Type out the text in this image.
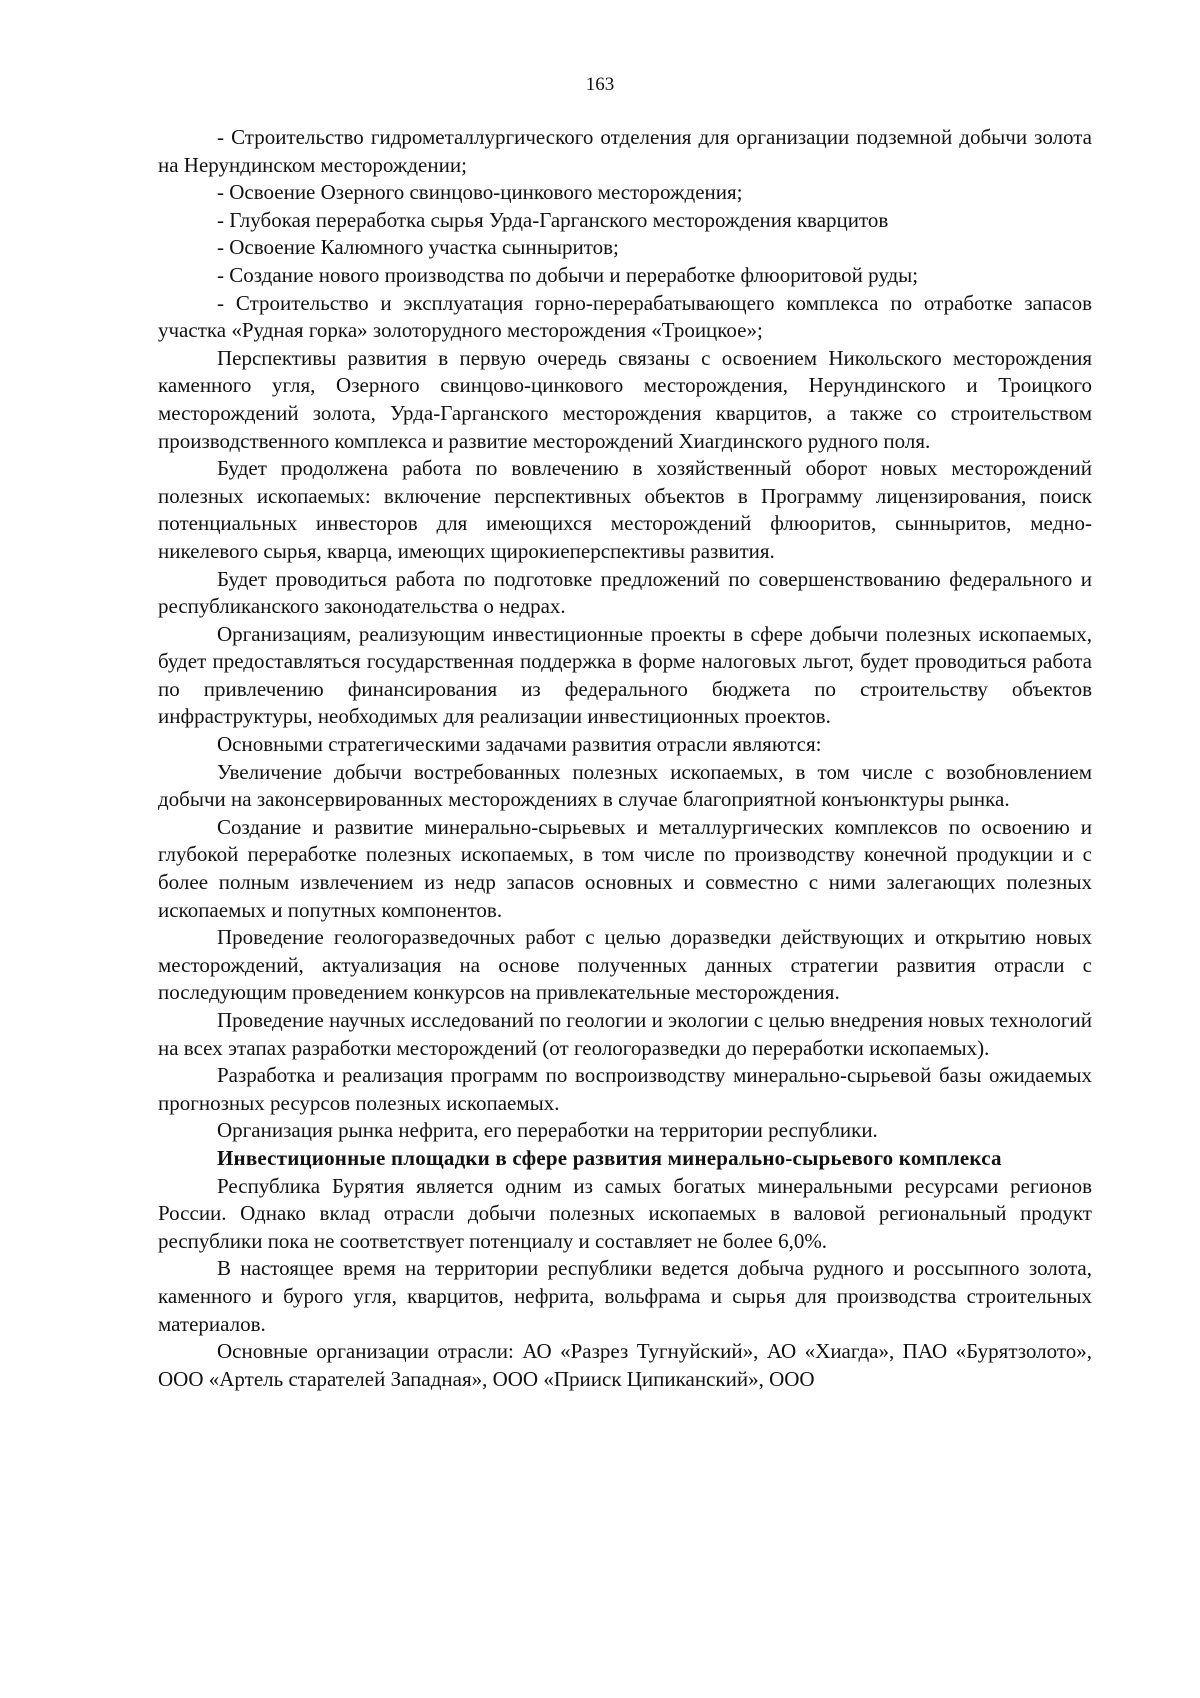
163

- Строительство гидрометаллургического отделения для организации подземной добычи золота на Нерундинском месторождении;

- Освоение Озерного свинцово-цинкового месторождения;

- Глубокая переработка сырья Урда-Гарганского месторождения кварцитов

- Освоение Калюмного участка сынныритов;

- Создание нового производства по добычи и переработке флюоритовой руды;

- Строительство и эксплуатация горно-перерабатывающего комплекса по отработке запасов участка «Рудная горка» золоторудного месторождения «Троицкое»;

Перспективы развития в первую очередь связаны с освоением Никольского месторождения каменного угля, Озерного свинцово-цинкового месторождения, Нерундинского и Троицкого месторождений золота, Урда-Гарганского месторождения кварцитов, а также со строительством производственного комплекса и развитие месторождений Хиагдинского рудного поля.

Будет продолжена работа по вовлечению в хозяйственный оборот новых месторождений полезных ископаемых: включение перспективных объектов в Программу лицензирования, поиск потенциальных инвесторов для имеющихся месторождений флюоритов, сынныритов, медно-никелевого сырья, кварца, имеющих щирокиеперспективы развития.

Будет проводиться работа по подготовке предложений по совершенствованию федерального и республиканского законодательства о недрах.

Организациям, реализующим инвестиционные проекты в сфере добычи полезных ископаемых, будет предоставляться государственная поддержка в форме налоговых льгот, будет проводиться работа по привлечению финансирования из федерального бюджета по строительству объектов инфраструктуры, необходимых для реализации инвестиционных проектов.

Основными стратегическими задачами развития отрасли являются:

Увеличение добычи востребованных полезных ископаемых, в том числе с возобновлением добычи на законсервированных месторождениях в случае благоприятной конъюнктуры рынка.

Создание и развитие минерально-сырьевых и металлургических комплексов по освоению и глубокой переработке полезных ископаемых, в том числе по производству конечной продукции и с более полным извлечением из недр запасов основных и совместно с ними залегающих полезных ископаемых и попутных компонентов.

Проведение геологоразведочных работ с целью доразведки действующих и открытию новых месторождений, актуализация на основе полученных данных стратегии развития отрасли с последующим проведением конкурсов на привлекательные месторождения.

Проведение научных исследований по геологии и экологии с целью внедрения новых технологий на всех этапах разработки месторождений (от геологоразведки до переработки ископаемых).

Разработка и реализация программ по воспроизводству минерально-сырьевой базы ожидаемых прогнозных ресурсов полезных ископаемых.

Организация рынка нефрита, его переработки на территории республики.

Инвестиционные площадки в сфере развития минерально-сырьевого комплекса

Республика Бурятия является одним из самых богатых минеральными ресурсами регионов России. Однако вклад отрасли добычи полезных ископаемых в валовой региональный продукт республики пока не соответствует потенциалу и составляет не более 6,0%.

В настоящее время на территории республики ведется добыча рудного и россыпного золота, каменного и бурого угля, кварцитов, нефрита, вольфрама и сырья для производства строительных материалов.

Основные организации отрасли: АО «Разрез Тугнуйский», АО «Хиагда», ПАО «Бурятзолото», ООО «Артель старателей Западная», ООО «Прииск Ципиканский», ООО
